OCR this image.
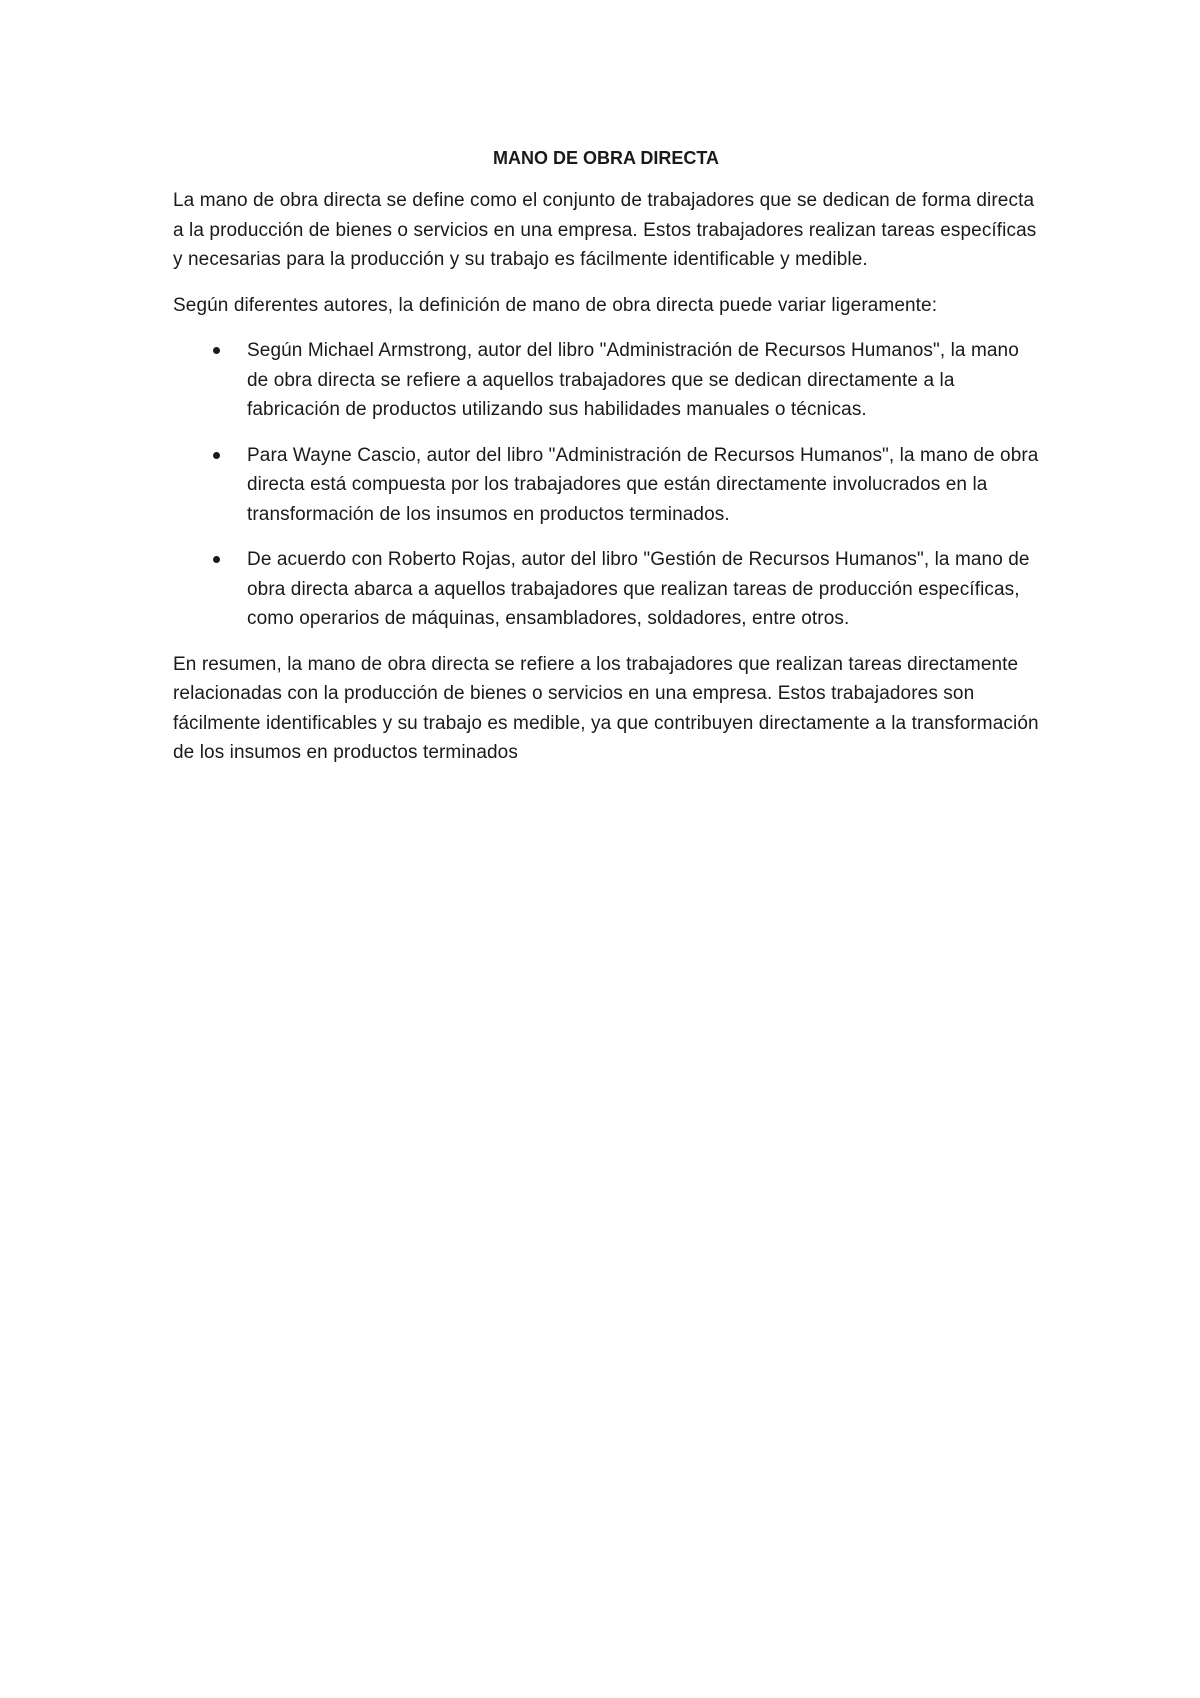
MANO DE OBRA DIRECTA

La mano de obra directa se define como el conjunto de trabajadores que se dedican de forma directa a la producción de bienes o servicios en una empresa. Estos trabajadores realizan tareas específicas y necesarias para la producción y su trabajo es fácilmente identificable y medible.

Según diferentes autores, la definición de mano de obra directa puede variar ligeramente:

Según Michael Armstrong, autor del libro "Administración de Recursos Humanos", la mano de obra directa se refiere a aquellos trabajadores que se dedican directamente a la fabricación de productos utilizando sus habilidades manuales o técnicas.
Para Wayne Cascio, autor del libro "Administración de Recursos Humanos", la mano de obra directa está compuesta por los trabajadores que están directamente involucrados en la transformación de los insumos en productos terminados.
De acuerdo con Roberto Rojas, autor del libro "Gestión de Recursos Humanos", la mano de obra directa abarca a aquellos trabajadores que realizan tareas de producción específicas, como operarios de máquinas, ensambladores, soldadores, entre otros.

En resumen, la mano de obra directa se refiere a los trabajadores que realizan tareas directamente relacionadas con la producción de bienes o servicios en una empresa. Estos trabajadores son fácilmente identificables y su trabajo es medible, ya que contribuyen directamente a la transformación de los insumos en productos terminados
